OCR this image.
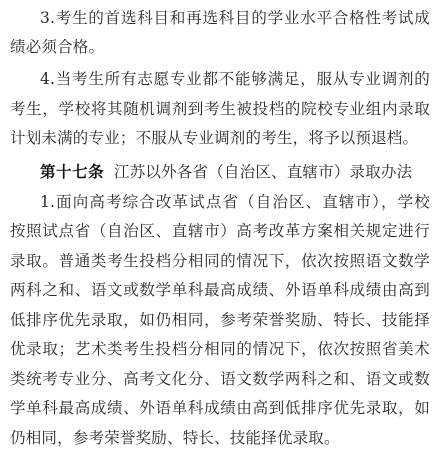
3.考生的首选科目和再选科目的学业水平合格性考试成
绩必须合格。
4.当考生所有志愿专业都不能够满足，服从专业调剂的
考生，学校将其随机调剂到考生被投档的院校专业组内录取
计划未满的专业；不服从专业调剂的考生，将予以预退档。
第十七条 江苏以外各省（自治区、直辖市）录取办法
1.面向高考综合改革试点省（自治区、直辖市），学校
按照试点省（自治区、直辖市）高考改革方案相关规定进行
录取。普通类考生投档分相同的情况下，依次按照语文数学
两科之和、语文或数学单科最高成绩、外语单科成绩由高到
低排序优先录取，如仍相同，参考荣誉奖励、特长、技能择
优录取；艺术类考生投档分相同的情况下，依次按照省美术
类统考专业分、高考文化分、语文数学两科之和、语文或数
学单科最高成绩、外语单科成绩由高到低排序优先录取，如
仍相同，参考荣誉奖励、特长、技能择优录取。
